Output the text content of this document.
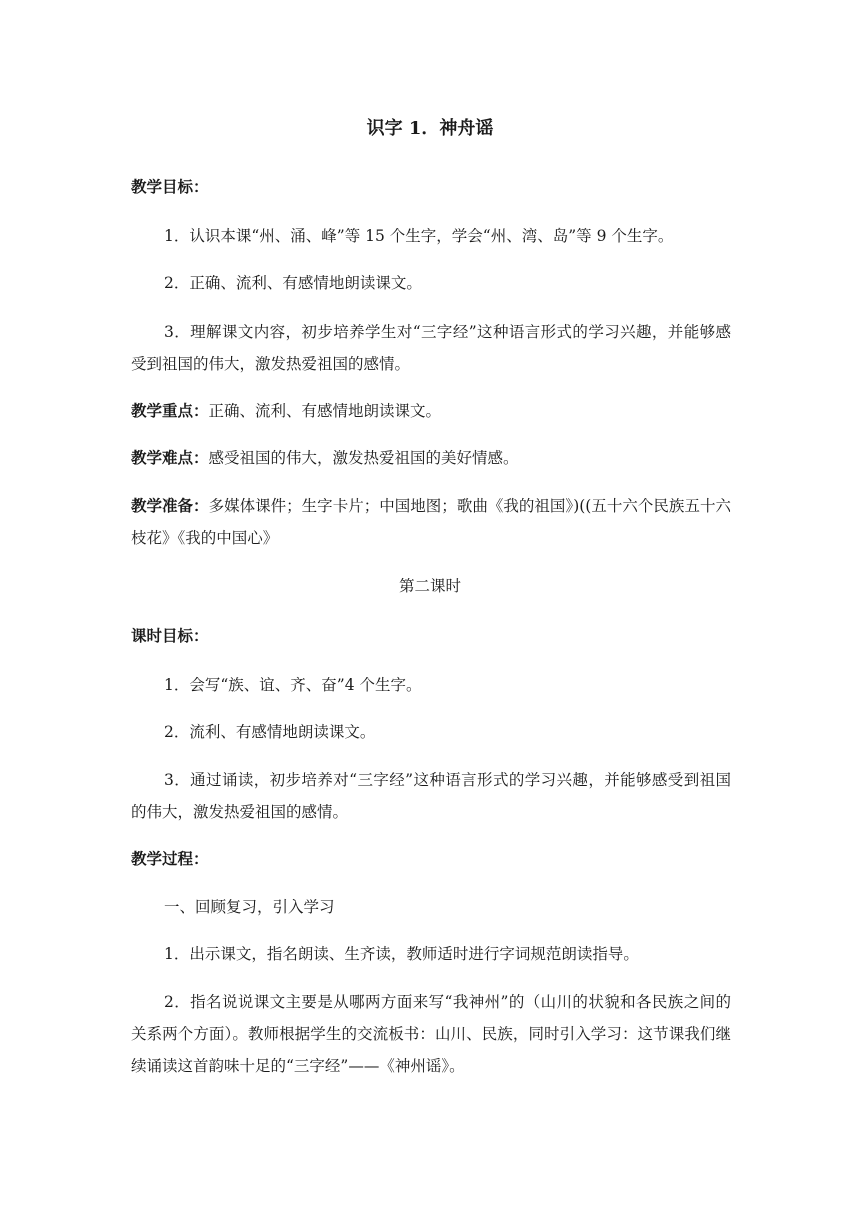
识字 1．神舟谣
教学目标：
1．认识本课“州、涌、峰”等 15 个生字，学会“州、湾、岛”等 9 个生字。
2．正确、流利、有感情地朗读课文。
3．理解课文内容，初步培养学生对“三字经”这种语言形式的学习兴趣，并能够感受到祖国的伟大，激发热爱祖国的感情。
教学重点：正确、流利、有感情地朗读课文。
教学难点：感受祖国的伟大，激发热爱祖国的美好情感。
教学准备：多媒体课件；生字卡片；中国地图；歌曲《我的祖国》)((五十六个民族五十六枝花》《我的中国心》
第二课时
课时目标：
1．会写“族、谊、齐、奋”4 个生字。
2．流利、有感情地朗读课文。
3．通过诵读，初步培养对“三字经”这种语言形式的学习兴趣，并能够感受到祖国的伟大，激发热爱祖国的感情。
教学过程：
一、回顾复习，引入学习
1．出示课文，指名朗读、生齐读，教师适时进行字词规范朗读指导。
2．指名说说课文主要是从哪两方面来写“我神州”的（山川的状貌和各民族之间的关系两个方面）。教师根据学生的交流板书：山川、民族，同时引入学习：这节课我们继续诵读这首韵味十足的“三字经”——《神州谣》。
